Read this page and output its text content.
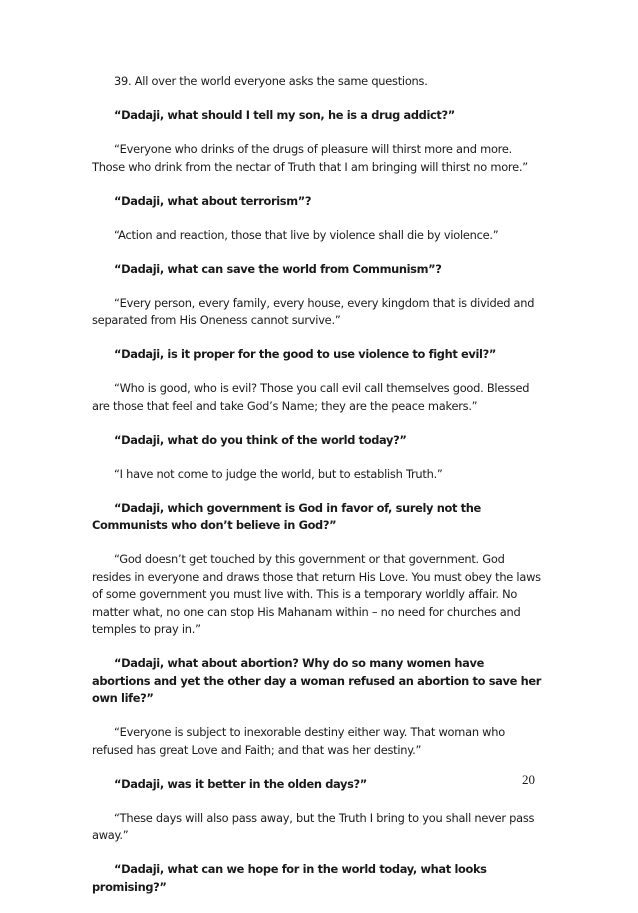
39. All over the world everyone asks the same questions.

“Dadaji, what should I tell my son, he is a drug addict?”

“Everyone who drinks of the drugs of pleasure will thirst more and more. Those who drink from the nectar of Truth that I am bringing will thirst no more.”

“Dadaji, what about terrorism”?

“Action and reaction, those that live by violence shall die by violence.”

“Dadaji, what can save the world from Communism”?

“Every person, every family, every house, every kingdom that is divided and separated from His Oneness cannot survive.”

“Dadaji, is it proper for the good to use violence to fight evil?”

“Who is good, who is evil? Those you call evil call themselves good. Blessed are those that feel and take God’s Name; they are the peace makers.”

“Dadaji, what do you think of the world today?”

“I have not come to judge the world, but to establish Truth.”

“Dadaji, which government is God in favor of, surely not the Communists who don’t believe in God?”

“God doesn’t get touched by this government or that government. God resides in everyone and draws those that return His Love. You must obey the laws of some government you must live with. This is a temporary worldly affair. No matter what, no one can stop His Mahanam within – no need for churches and temples to pray in.”

“Dadaji, what about abortion? Why do so many women have abortions and yet the other day a woman refused an abortion to save her own life?”

“Everyone is subject to inexorable destiny either way. That woman who refused has great Love and Faith; and that was her destiny.”

“Dadaji, was it better in the olden days?”

“These days will also pass away, but the Truth I bring to you shall never pass away.”

“Dadaji, what can we hope for in the world today, what looks promising?”

20
